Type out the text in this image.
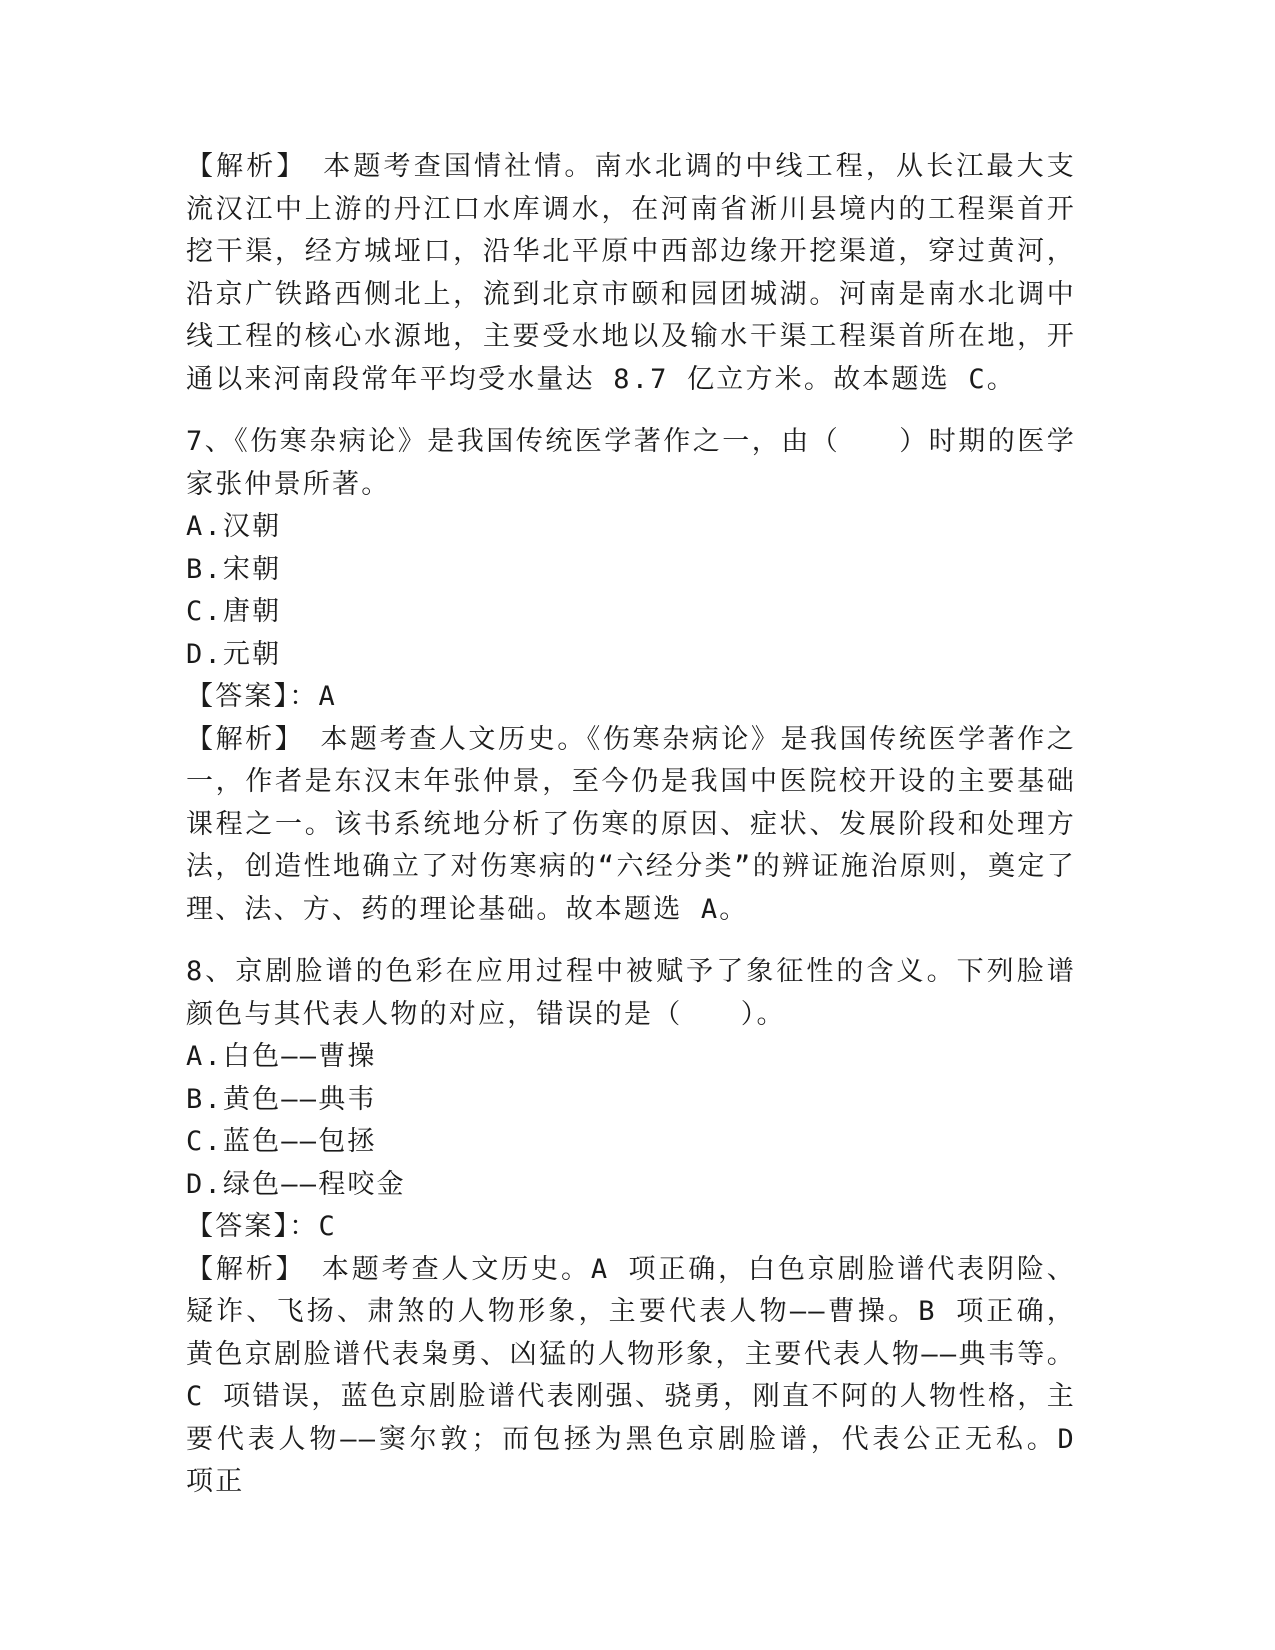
【解析】　 本题考查国情社情。南水北调的中线工程，从长江最大支流汉江中上游的丹江口水库调水，在河南省淅川县境内的工程渠首开挖干渠，经方城垭口，沿华北平原中西部边缘开挖渠道，穿过黄河，沿京广铁路西侧北上，流到北京市颐和园团城湖。河南是南水北调中线工程的核心水源地，主要受水地以及输水干渠工程渠首所在地，开通以来河南段常年平均受水量达 8.7 亿立方米。故本题选 C。

7、《伤寒杂病论》是我国传统医学著作之一，由（　　）时期的医学家张仲景所著。

A.汉朝

B.宋朝

C.唐朝

D.元朝

【答案】：A

【解析】　 本题考查人文历史。《伤寒杂病论》是我国传统医学著作之一，作者是东汉末年张仲景，至今仍是我国中医院校开设的主要基础课程之一。该书系统地分析了伤寒的原因、症状、发展阶段和处理方法，创造性地确立了对伤寒病的“六经分类”的辨证施治原则，奠定了理、法、方、药的理论基础。故本题选 A。

8、京剧脸谱的色彩在应用过程中被赋予了象征性的含义。下列脸谱颜色与其代表人物的对应，错误的是（　　）。

A.白色——曹操

B.黄色——典韦

C.蓝色——包拯

D.绿色——程咬金

【答案】：C

【解析】　 本题考查人文历史。A 项正确，白色京剧脸谱代表阴险、疑诈、飞扬、肃煞的人物形象，主要代表人物——曹操。B 项正确，黄色京剧脸谱代表枭勇、凶猛的人物形象，主要代表人物——典韦等。C 项错误，蓝色京剧脸谱代表刚强、骁勇，刚直不阿的人物性格，主要代表人物——窦尔敦；而包拯为黑色京剧脸谱，代表公正无私。D 项正
